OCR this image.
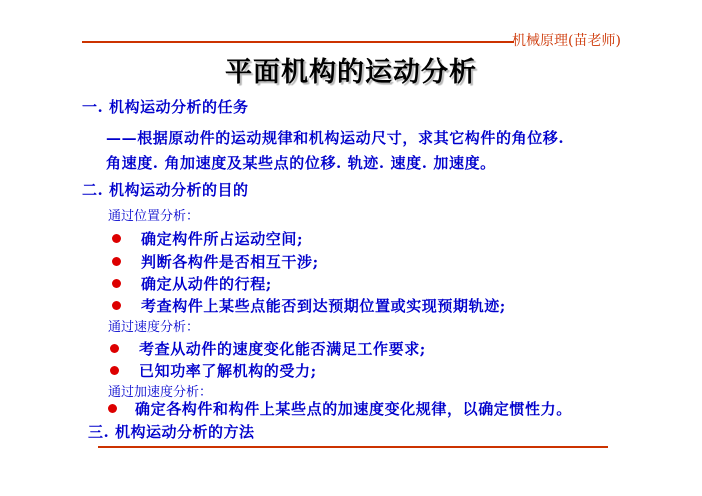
机械原理(苗老师)
平面机构的运动分析
一. 机构运动分析的任务
——根据原动件的运动规律和机构运动尺寸，求其它构件的角位移.
角速度. 角加速度及某些点的位移. 轨迹. 速度. 加速度。
二. 机构运动分析的目的
通过位置分析：
确定构件所占运动空间;
判断各构件是否相互干涉;
确定从动件的行程;
考查构件上某些点能否到达预期位置或实现预期轨迹;
通过速度分析：
考查从动件的速度变化能否满足工作要求;
已知功率了解机构的受力;
通过加速度分析：
确定各构件和构件上某些点的加速度变化规律，以确定惯性力。
三. 机构运动分析的方法
